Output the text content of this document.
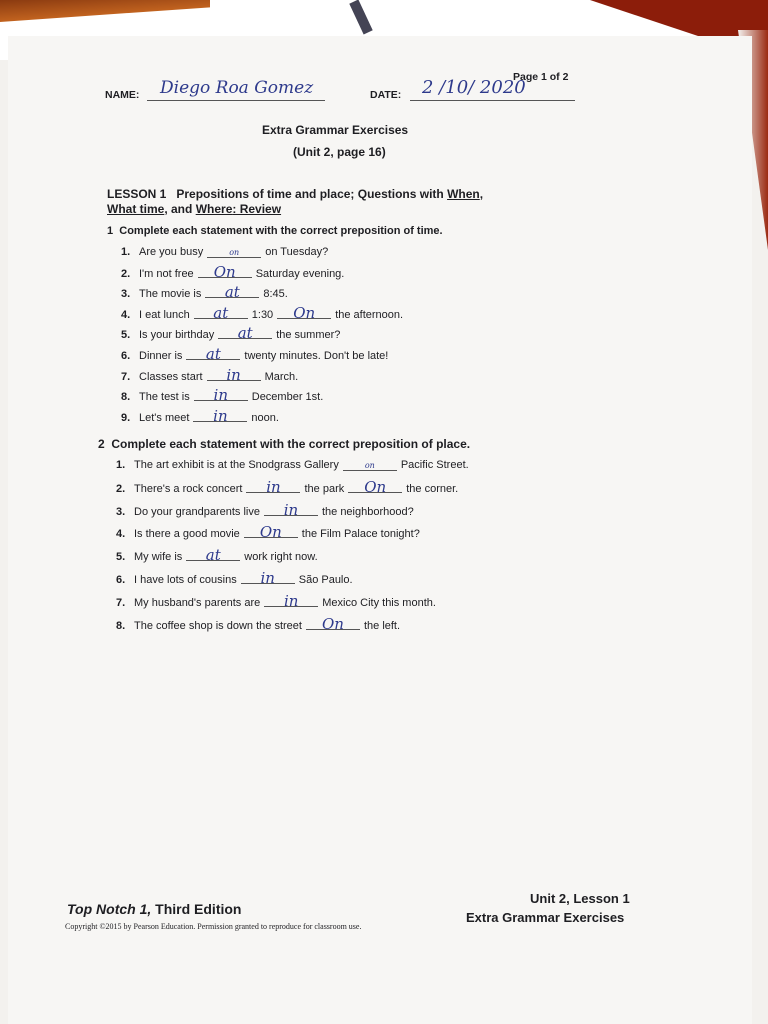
Page 1 of 2
NAME: Diego Roa Gomez	DATE: 2 /10/ 2020
Extra Grammar Exercises
(Unit 2, page 16)
LESSON 1 Prepositions of time and place; Questions with When,
What time, and Where: Review
1 Complete each statement with the correct preposition of time.
1. Are you busy	on on Tuesday?
2. I'm not free On Saturday evening.
3. The movie is at 8:45.
4. I eat lunch at 1:30 On the afternoon.
5. Is your birthday at the summer?
6. Dinner is at twenty minutes. Don't be late!
7. Classes start in March.
8. The test is in December 1st.
9. Let's meet in noon.
2 Complete each statement with the correct preposition of place.
1. The art exhibit is at the Snodgrass Gallery	on Pacific Street.
2. There's a rock concert in the park On the corner.
3. Do your grandparents live in the neighborhood?
4. Is there a good movie On the Film Palace tonight?
5. My wife is at work right now.
6. I have lots of cousins in São Paulo.
7. My husband's parents are in Mexico City this month.
8. The coffee shop is down the street On the left.
Top Notch 1, Third Edition
Copyright ©2015 by Pearson Education. Permission granted to reproduce for classroom use.
Unit 2, Lesson 1
Extra Grammar Exercises
